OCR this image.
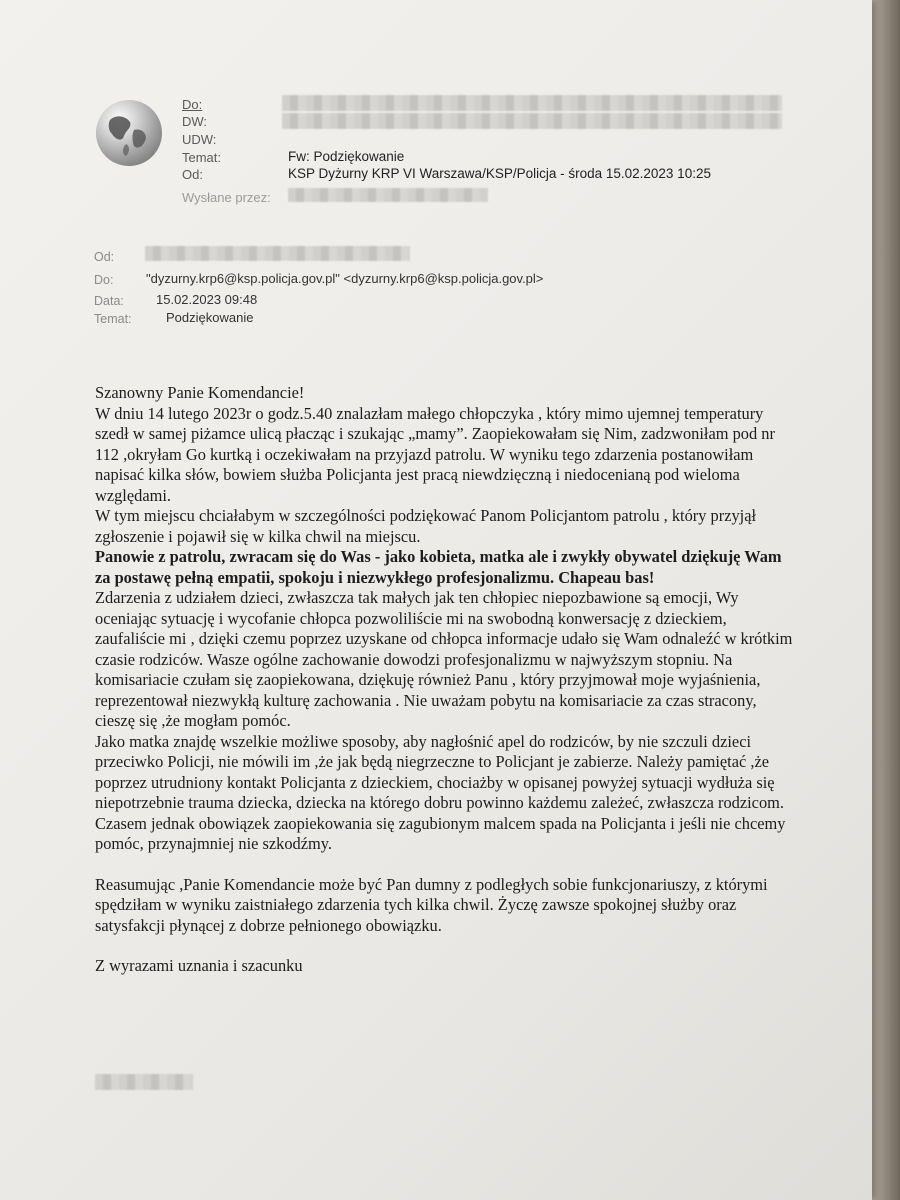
Do:
DW:
UDW:
Temat:	Fw: Podziękowanie
Od:	KSP Dyżurny KRP VI Warszawa/KSP/Policja - środa 15.02.2023 10:25
Wysłane przez:
Od:
Do:	"dyzurny.krp6@ksp.policja.gov.pl" <dyzurny.krp6@ksp.policja.gov.pl>
Data: 15.02.2023 09:48
Temat:	Podziękowanie

Szanowny Panie Komendancie!

W dniu 14 lutego 2023r o godz.5.40 znalazłam małego chłopczyka , który mimo ujemnej temperatury szedł w samej piżamce ulicą płacząc i szukając „mamy”. Zaopiekowałam się Nim, zadzwoniłam pod nr 112 ,okryłam Go kurtką i oczekiwałam na przyjazd patrolu. W wyniku tego zdarzenia postanowiłam napisać kilka słów, bowiem służba Policjanta jest pracą niewdzięczną i niedocenianą pod wieloma względami.

W tym miejscu chciałabym w szczególności podziękować Panom Policjantom patrolu , który przyjął zgłoszenie i pojawił się w kilka chwil na miejscu.

Panowie z patrolu, zwracam się do Was - jako kobieta, matka ale i zwykły obywatel dziękuję Wam za postawę pełną empatii, spokoju i niezwykłego profesjonalizmu. Chapeau bas!

Zdarzenia z udziałem dzieci, zwłaszcza tak małych jak ten chłopiec niepozbawione są emocji, Wy oceniając sytuację i wycofanie chłopca pozwoliliście mi na swobodną konwersację z dzieckiem, zaufaliście mi , dzięki czemu poprzez uzyskane od chłopca informacje udało się Wam odnaleźć w krótkim czasie rodziców. Wasze ogólne zachowanie dowodzi profesjonalizmu w najwyższym stopniu. Na komisariacie czułam się zaopiekowana, dziękuję również Panu , który przyjmował moje wyjaśnienia, reprezentował niezwykłą kulturę zachowania . Nie uważam pobytu na komisariacie za czas stracony, cieszę się ,że mogłam pomóc.

Jako matka znajdę wszelkie możliwe sposoby, aby nagłośnić apel do rodziców, by nie szczuli dzieci przeciwko Policji, nie mówili im ,że jak będą niegrzeczne to Policjant je zabierze. Należy pamiętać ,że poprzez utrudniony kontakt Policjanta z dzieckiem, chociażby w opisanej powyżej sytuacji wydłuża się niepotrzebnie trauma dziecka, dziecka na którego dobru powinno każdemu zależeć, zwłaszcza rodzicom. Czasem jednak obowiązek zaopiekowania się zagubionym malcem spada na Policjanta i jeśli nie chcemy pomóc, przynajmniej nie szkodźmy.

Reasumując ,Panie Komendancie może być Pan dumny z podległych sobie funkcjonariuszy, z którymi spędziłam w wyniku zaistniałego zdarzenia tych kilka chwil. Życzę zawsze spokojnej służby oraz satysfakcji płynącej z dobrze pełnionego obowiązku.

Z wyrazami uznania i szacunku
